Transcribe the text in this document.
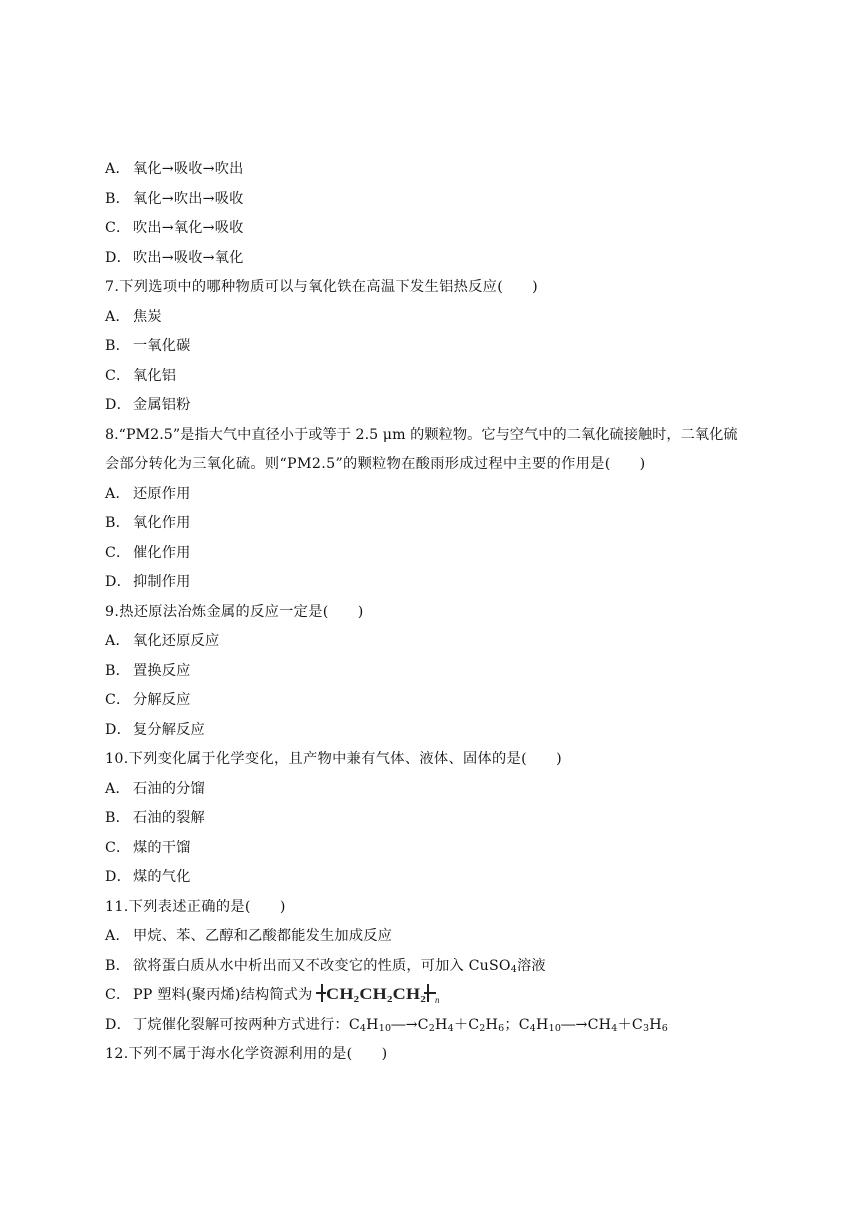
A． 氧化→吸收→吹出
B． 氧化→吹出→吸收
C． 吹出→氧化→吸收
D． 吹出→吸收→氧化
7.下列选项中的哪种物质可以与氧化铁在高温下发生铝热反应(　　)
A． 焦炭
B． 一氧化碳
C． 氧化铝
D． 金属铝粉
8.“PM2.5”是指大气中直径小于或等于 2.5 μm 的颗粒物。它与空气中的二氧化硫接触时，二氧化硫
会部分转化为三氧化硫。则“PM2.5”的颗粒物在酸雨形成过程中主要的作用是(　　)
A． 还原作用
B． 氧化作用
C． 催化作用
D． 抑制作用
9.热还原法冶炼金属的反应一定是(　　)
A． 氧化还原反应
B． 置换反应
C． 分解反应
D． 复分解反应
10.下列变化属于化学变化，且产物中兼有气体、液体、固体的是(　　)
A． 石油的分馏
B． 石油的裂解
C． 煤的干馏
D． 煤的气化
11.下列表述正确的是(　　)
A． 甲烷、苯、乙醇和乙酸都能发生加成反应
B． 欲将蛋白质从水中析出而又不改变它的性质，可加入 CuSO$_4$溶液
C． PP 塑料(聚丙烯)结构简式为 CH₂CH₂CH₂ n
D． 丁烷催化裂解可按两种方式进行：$C_4H_{10}―\to C_2H_4+C_2H_6$；$C_4H_{10}―\to CH_4+C_3H_6$
12.下列不属于海水化学资源利用的是(　　)
